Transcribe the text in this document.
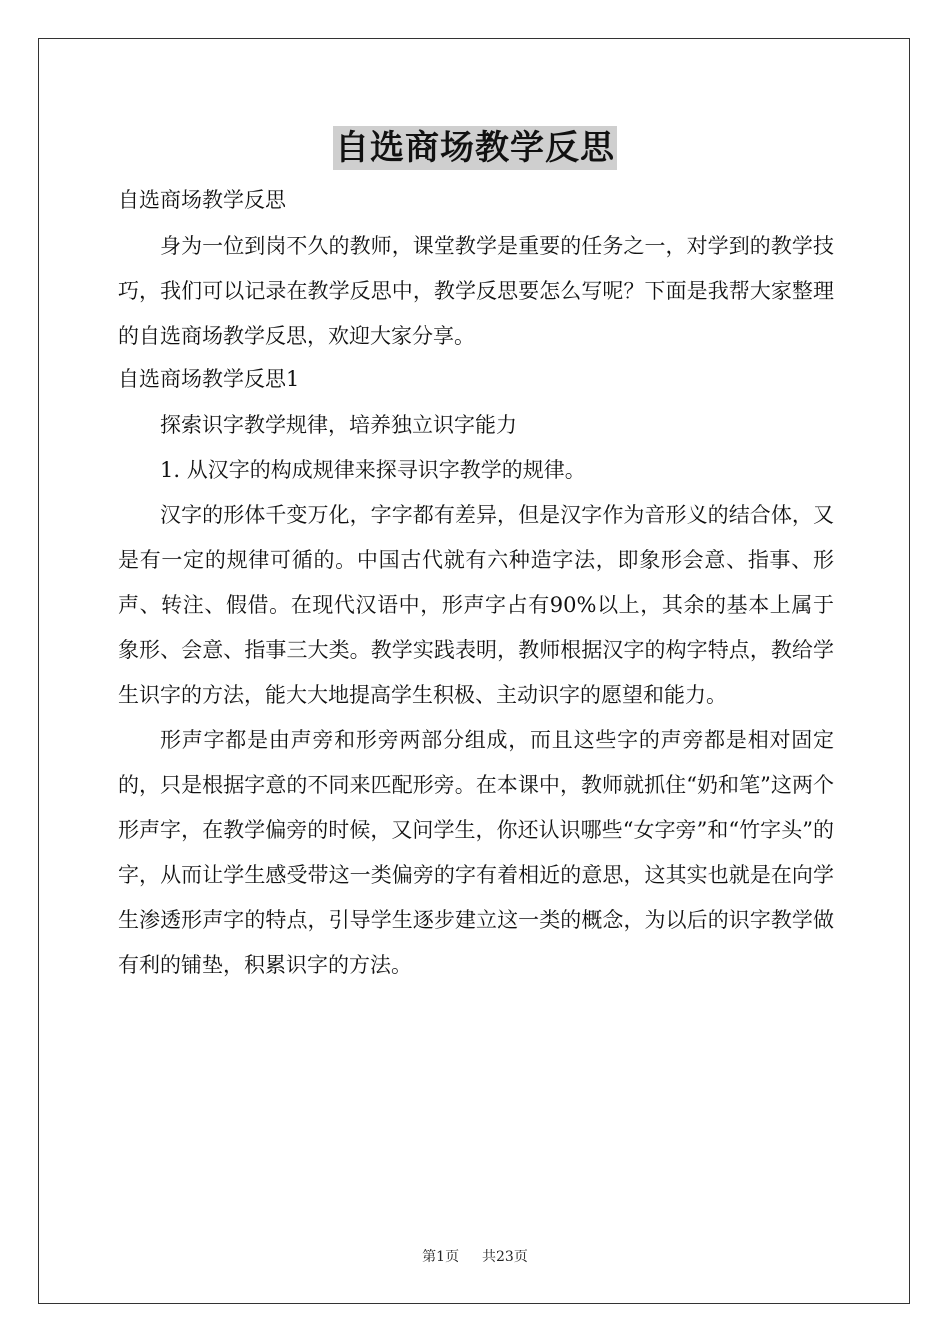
自选商场教学反思

自选商场教学反思

身为一位到岗不久的教师，课堂教学是重要的任务之一，对学到的教学技巧，我们可以记录在教学反思中，教学反思要怎么写呢？下面是我帮大家整理的自选商场教学反思，欢迎大家分享。

自选商场教学反思1

探索识字教学规律，培养独立识字能力

1. 从汉字的构成规律来探寻识字教学的规律。

汉字的形体千变万化，字字都有差异，但是汉字作为音形义的结合体，又是有一定的规律可循的。中国古代就有六种造字法，即象形会意、指事、形声、转注、假借。在现代汉语中，形声字占有90%以上，其余的基本上属于象形、会意、指事三大类。教学实践表明，教师根据汉字的构字特点，教给学生识字的方法，能大大地提高学生积极、主动识字的愿望和能力。

形声字都是由声旁和形旁两部分组成，而且这些字的声旁都是相对固定的，只是根据字意的不同来匹配形旁。在本课中，教师就抓住“奶和笔”这两个形声字，在教学偏旁的时候，又问学生，你还认识哪些“女字旁”和“竹字头”的字，从而让学生感受带这一类偏旁的字有着相近的意思，这其实也就是在向学生渗透形声字的特点，引导学生逐步建立这一类的概念，为以后的识字教学做有利的铺垫，积累识字的方法。

第1页 共23页
